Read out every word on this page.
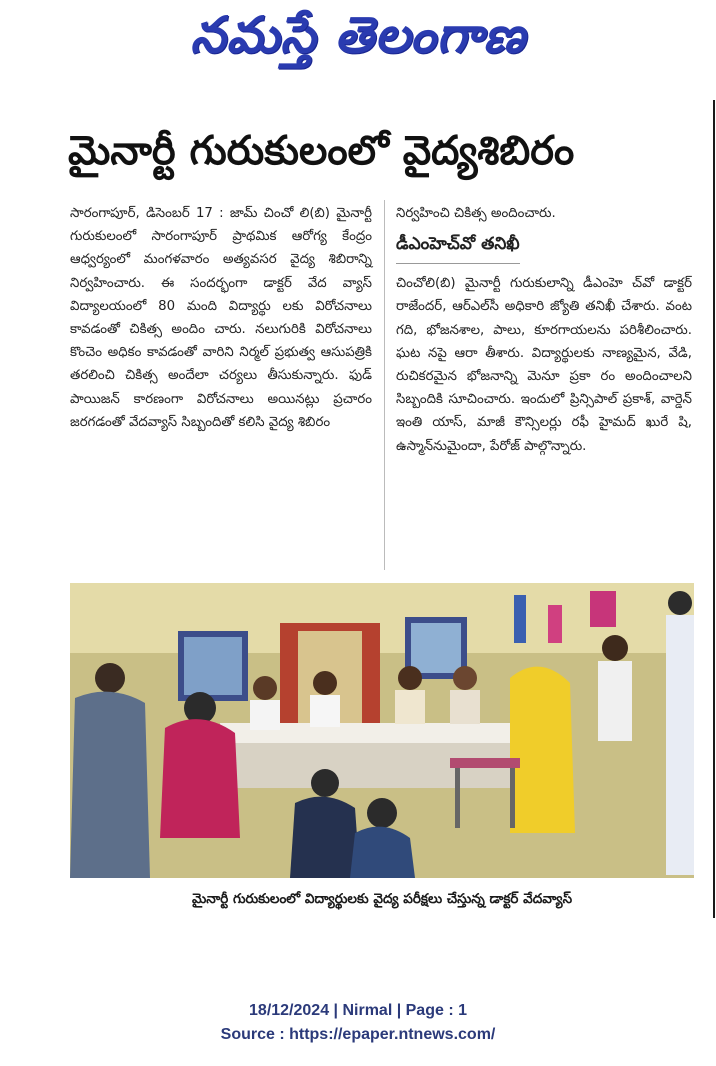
నమస్తే తెలంగాణ
మైనార్టీ గురుకులంలో వైద్యశిబిరం

సారంగాపూర్, డిసెంబర్ 17 : జామ్ చించో లి(బి) మైనార్టీ గురుకులంలో సారంగాపూర్ ప్రాథమిక ఆరోగ్య కేంద్రం ఆధ్వర్యంలో మంగళవారం అత్యవసర వైద్య శిబిరాన్ని నిర్వహించారు. ఈ సందర్భంగా డాక్టర్ వేద వ్యాస్ విద్యాలయంలో 80 మంది విద్యార్థు లకు విరోచనాలు కావడంతో చికిత్స అందిం చారు. నలుగురికి విరోచనాలు కొంచెం అధికం కావడంతో వారిని నిర్మల్ ప్రభుత్వ ఆసుపత్రికి తరలించి చికిత్స అందేలా చర్యలు తీసుకున్నారు. ఫుడ్ పాయిజన్ కారణంగా విరోచనాలు అయినట్లు ప్రచారం జరగడంతో వేదవ్యాస్ సిబ్బందితో కలిసి వైద్య శిబిరం

నిర్వహించి చికిత్స అందించారు.

డీఎంహెచ్‌వో తనిఖీ

చించోలి(బి) మైనార్టీ గురుకులాన్ని డీఎంహె చ్‌వో డాక్టర్ రాజేందర్, ఆర్ఎల్‌సీ అధికారి జ్యోతి తనిఖీ చేశారు. వంట గది, భోజనశాల, పాలు, కూరగాయలను పరిశీలించారు. ఘట నపై ఆరా తీశారు. విద్యార్థులకు నాణ్యమైన, వేడి, రుచికరమైన భోజనాన్ని మెనూ ప్రకా రం అందించాలని సిబ్బందికి సూచించారు. ఇందులో ప్రిన్సిపాల్ ప్రకాశ్, వార్డెన్ ఇంతి యాస్, మాజీ కౌన్సిలర్లు రఫీ హైమద్ ఖురే షి, ఉస్మాన్‌నుమైందా, పేరోజ్ పాల్గొన్నారు.

మైనార్టీ గురుకులంలో విద్యార్థులకు వైద్య పరీక్షలు చేస్తున్న డాక్టర్ వేదవ్యాస్
18/12/2024 | Nirmal | Page : 1
Source : https://epaper.ntnews.com/
